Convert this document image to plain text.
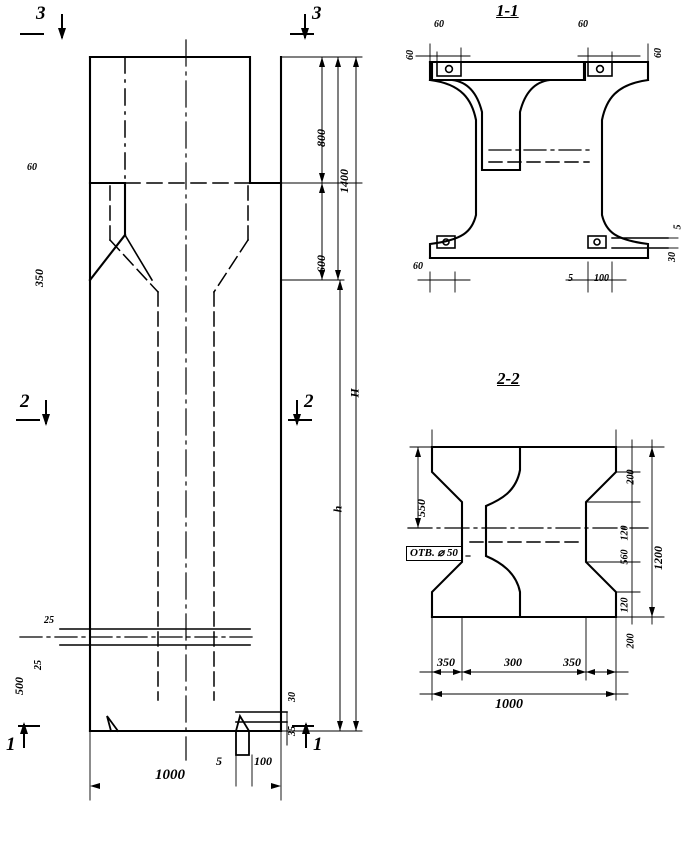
3	3
2	2
1	1
60
350
800
600
1400
H
h
25
25
500
30
35
5	100
1000
1-1
60
60
60
60
60
5 100
5
30
2-2
550
200
120
560
120
200
1200
350	300	350
1000
ОТВ. ⌀ 50
